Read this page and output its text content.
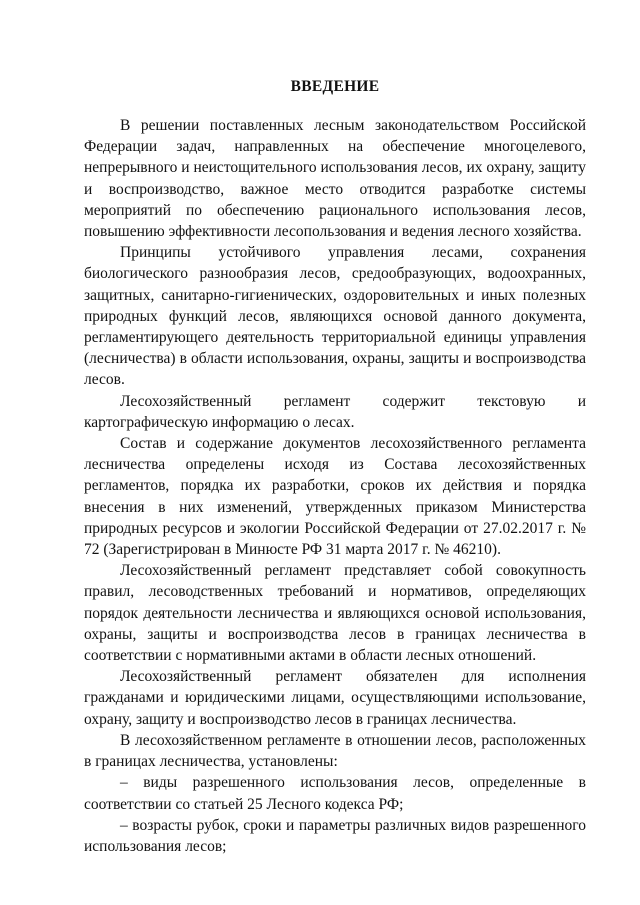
ВВЕДЕНИЕ

В решении поставленных лесным законодательством Российской Федерации задач, направленных на обеспечение многоцелевого, непрерывного и неистощительного использования лесов, их охрану, защиту и воспроизводство, важное место отводится разработке системы мероприятий по обеспечению рационального использования лесов, повышению эффективности лесопользования и ведения лесного хозяйства.

Принципы устойчивого управления лесами, сохранения биологического разнообразия лесов, средообразующих, водоохранных, защитных, санитарно-гигиенических, оздоровительных и иных полезных природных функций лесов, являющихся основой данного документа, регламентирующего деятельность территориальной единицы управления (лесничества) в области использования, охраны, защиты и воспроизводства лесов.

Лесохозяйственный регламент содержит текстовую и картографическую информацию о лесах.

Состав и содержание документов лесохозяйственного регламента лесничества определены исходя из Состава лесохозяйственных регламентов, порядка их разработки, сроков их действия и порядка внесения в них изменений, утвержденных приказом Министерства природных ресурсов и экологии Российской Федерации от 27.02.2017 г. № 72 (Зарегистрирован в Минюсте РФ 31 марта 2017 г. № 46210).

Лесохозяйственный регламент представляет собой совокупность правил, лесоводственных требований и нормативов, определяющих порядок деятельности лесничества и являющихся основой использования, охраны, защиты и воспроизводства лесов в границах лесничества в соответствии с нормативными актами в области лесных отношений.

Лесохозяйственный регламент обязателен для исполнения гражданами и юридическими лицами, осуществляющими использование, охрану, защиту и воспроизводство лесов в границах лесничества.

В лесохозяйственном регламенте в отношении лесов, расположенных в границах лесничества, установлены:

– виды разрешенного использования лесов, определенные в соответствии со статьей 25 Лесного кодекса РФ;

– возрасты рубок, сроки и параметры различных видов разрешенного использования лесов;
